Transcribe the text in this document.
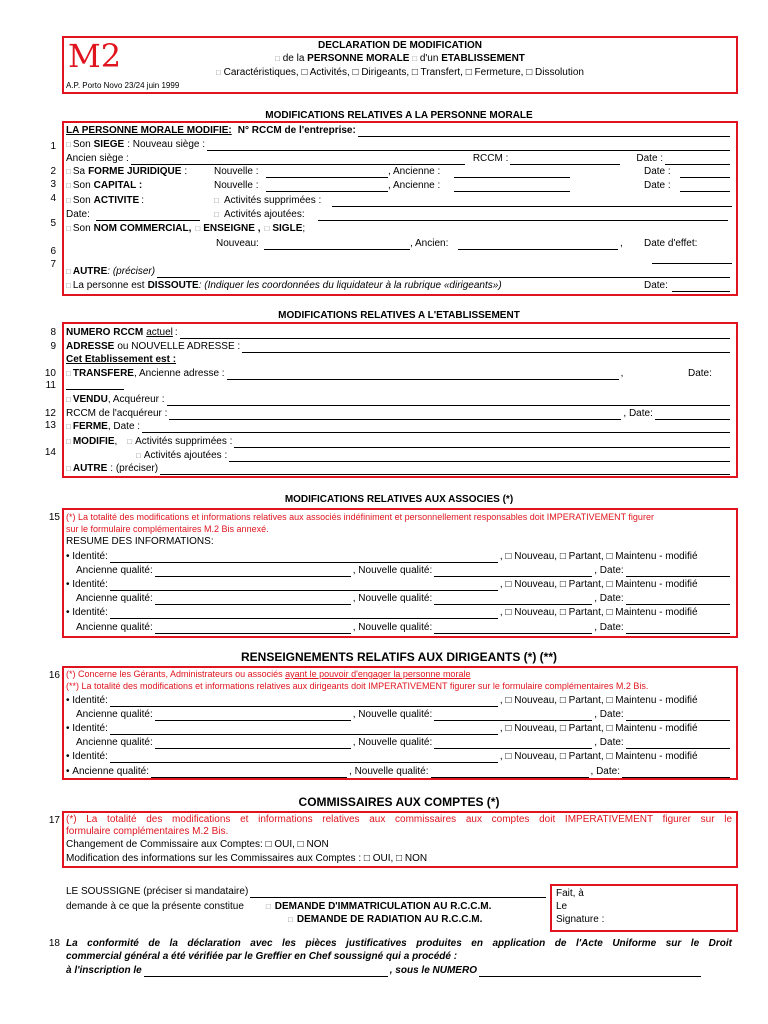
M2	DECLARATION DE MODIFICATION
□ de la PERSONNE MORALE □ d'un ETABLISSEMENT
□ Caractéristiques, □ Activités, □ Dirigeants, □ Transfert, □ Fermeture, □ Dissolution
A.P. Porto Novo 23/24 juin 1999
MODIFICATIONS RELATIVES A LA PERSONNE MORALE
1
2
3
4
5
6
7
LA PERSONNE MORALE MODIFIE: N° RCCM de l'entreprise:
□ Son SIEGE : Nouveau siège :
Ancien siège :	RCCM :	Date :
□ Sa FORME JURIDIQUE :	Nouvelle :	, Ancienne :	Date :
□ Son CAPITAL :	Nouvelle :	, Ancienne :	Date :
□ Son ACTIVITE :	□ Activités supprimées :
Date:	□ Activités ajoutées:
□ Son NOM COMMERCIAL, □ ENSEIGNE , □ SIGLE ;
Nouveau:	, Ancien:	, Date d'effet:
□ AUTRE : (préciser)
□ La personne est DISSOUTE : (Indiquer les coordonnées du liquidateur à la rubrique «dirigeants»)	Date:
MODIFICATIONS RELATIVES A L'ETABLISSEMENT
8
9
10
11
12
13
14
NUMERO RCCM actuel :
ADRESSE ou NOUVELLE ADRESSE :
Cet Etablissement est :
□ TRANSFERE , Ancienne adresse :	,	Date:
□ VENDU , Acquéreur :
RCCM de l'acquéreur :	, Date:
□ FERME , Date :
□ MODIFIE , □ Activités supprimées :
□ Activités ajoutées :
□ AUTRE : (préciser)
MODIFICATIONS RELATIVES AUX ASSOCIES (*)
15 (*) La totalité des modifications et informations relatives aux associés indéfiniment et personnellement responsables doit IMPERATIVEMENT figurer
sur le formulaire complémentaires M.2 Bis annexé.
RESUME DES INFORMATIONS:
• Identité:	, □ Nouveau, □ Partant, □ Maintenu - modifié
Ancienne qualité:	, Nouvelle qualité:	, Date:
• Identité:	, □ Nouveau, □ Partant, □ Maintenu - modifié
Ancienne qualité:	, Nouvelle qualité:	, Date:
• Identité:	, □ Nouveau, □ Partant, □ Maintenu - modifié
Ancienne qualité:	, Nouvelle qualité:	, Date:
RENSEIGNEMENTS RELATIFS AUX DIRIGEANTS (*) (**)
16 (*) Concerne les Gérants, Administrateurs ou associés ayant le pouvoir d'engager la personne morale
(**) La totalité des modifications et informations relatives aux dirigeants doit IMPERATIVEMENT figurer sur le formulaire complémentaires M.2 Bis.
• Identité:	, □ Nouveau, □ Partant, □ Maintenu - modifié
Ancienne qualité:	, Nouvelle qualité:	, Date:
• Identité:	, □ Nouveau, □ Partant, □ Maintenu - modifié
Ancienne qualité:	, Nouvelle qualité:	, Date:
• Identité:	, □ Nouveau, □ Partant, □ Maintenu - modifié
• Ancienne qualité:	, Nouvelle qualité:	, Date:
COMMISSAIRES AUX COMPTES (*)
17 (*) La totalité des modifications et informations relatives aux commissaires aux comptes doit IMPERATIVEMENT figurer sur le
formulaire complémentaires M.2 Bis.
Changement de Commissaire aux Comptes: □ OUI, □ NON
Modification des informations sur les Commissaires aux Comptes : □ OUI, □ NON
LE SOUSSIGNE (préciser si mandataire)
demande à ce que la présente constitue	□ DEMANDE D'IMMATRICULATION AU R.C.C.M.
□ DEMANDE DE RADIATION AU R.C.C.M.
Fait, à
Le
Signature :
18 La conformité de la déclaration avec les pièces justificatives produites en application de l'Acte Uniforme sur le Droit
commercial général a été vérifiée par le Greffier en Chef soussigné qui a procédé :
à l'inscription le	, sous le NUMERO
